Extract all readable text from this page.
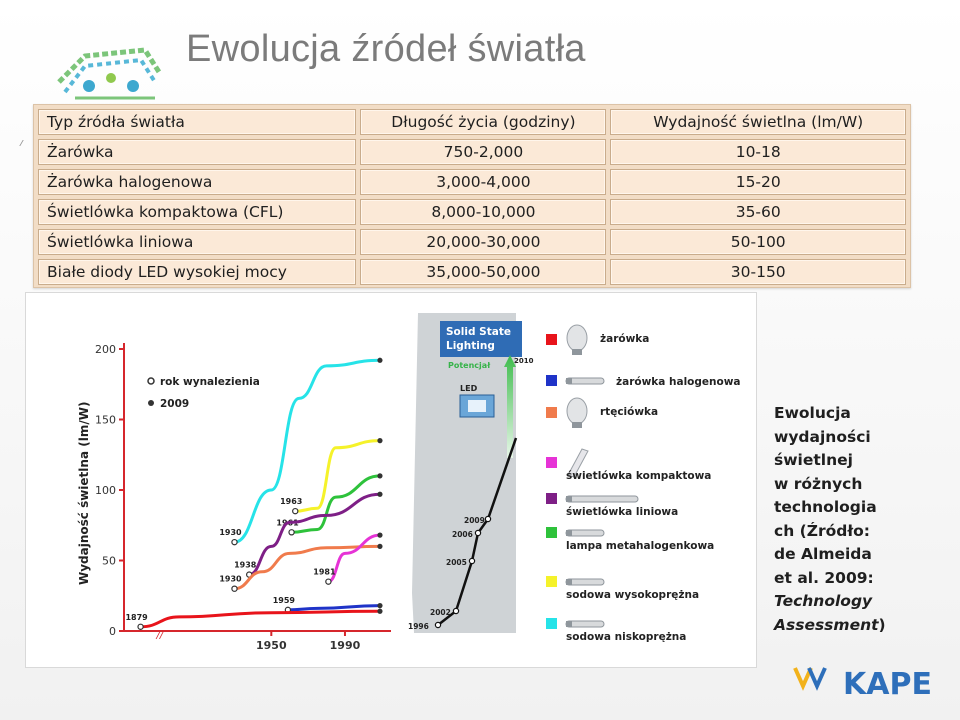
Ewolucja źródeł światła
Typ źródła światła	Długość życia (godziny)	Wydajność świetlna (lm/W)
Żarówka	750-2,000	10-18
Żarówka halogenowa	3,000-4,000	15-20
Świetlówka kompaktowa (CFL)	8,000-10,000	35-60
Świetlówka liniowa	20,000-30,000	50-100
Białe diody LED wysokiej mocy	35,000-50,000	30-150
0
50
100
150
200
1950	1990
//
1930
1963
1961
1938
1930
1981
1959
1879
Wydajność świetlna (lm/W)
rok wynalezienia
2009
Solid State
Lighting
Potencjał	2010
LED
1996
2002
2005
2006
2009
żarówka
żarówka halogenowa
rtęciówka
świetlówka kompaktowa
świetlówka liniowa
lampa metahalogenkowa
sodowa wysokoprężna
sodowa niskoprężna
Ewolucja
wydajności
świetlnej
w różnych
technologia
ch (Źródło:
de Almeida
et al. 2009:
Technology
Assessment)
KAPE
